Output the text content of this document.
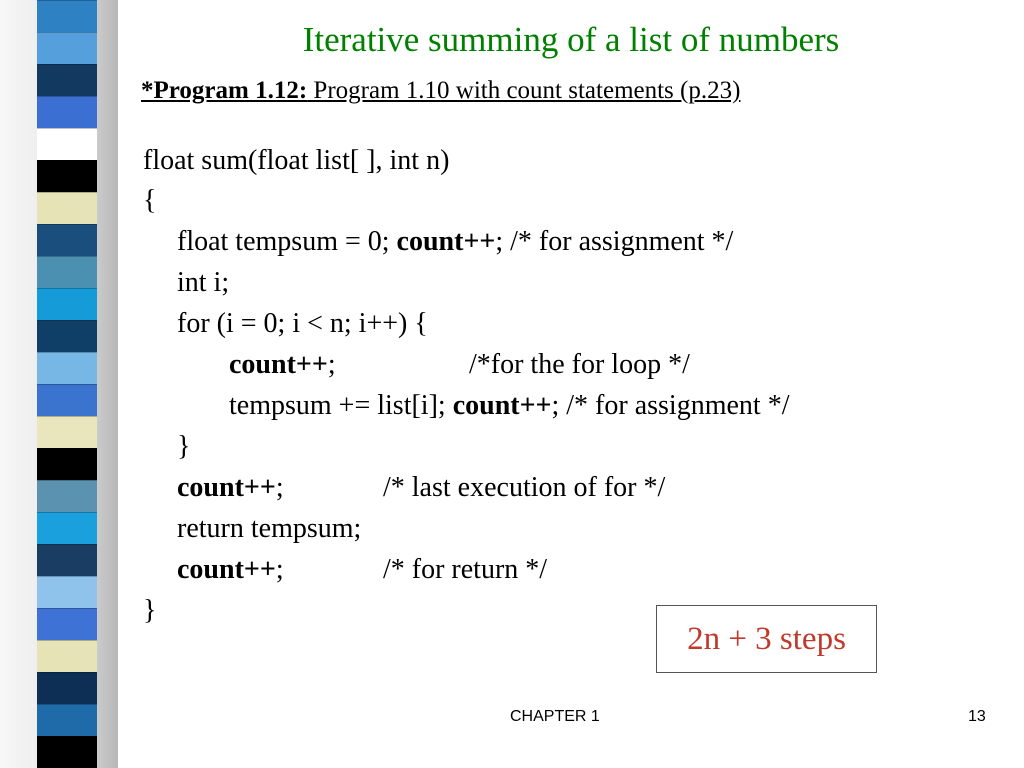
Iterative summing of a list of numbers
*Program 1.12: Program 1.10 with count statements (p.23)
float sum(float list[ ], int n)
{
float tempsum = 0; count++; /* for assignment */
int i;
for (i = 0; i < n; i++) {
count++;	/*for the for loop */
tempsum += list[i]; count++; /* for assignment */
}
count++;	/* last execution of for */
return tempsum;
count++;	/* for return */
}
2n + 3 steps
CHAPTER 1	13
